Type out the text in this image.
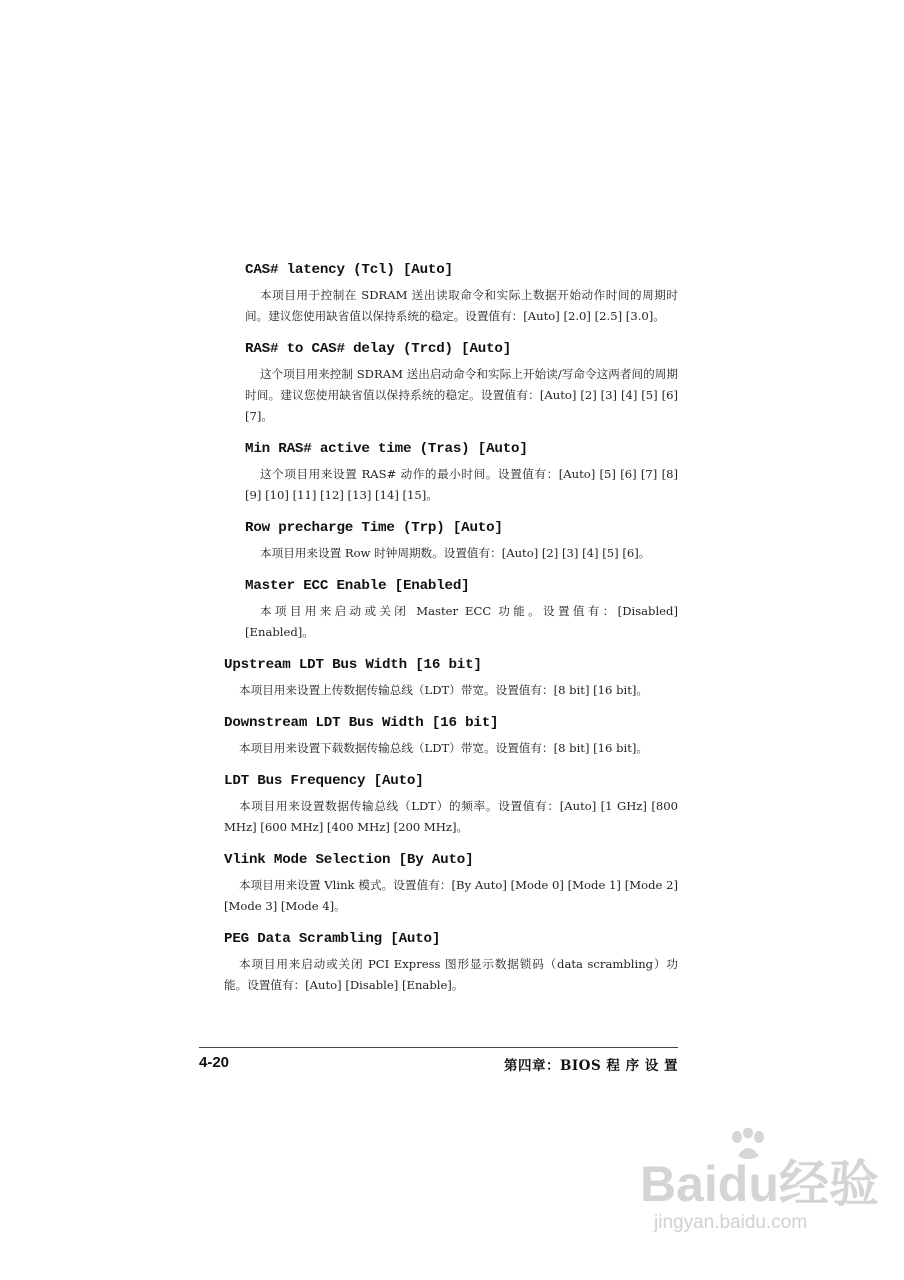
CAS# latency (Tcl) [Auto]

本项目用于控制在 SDRAM 送出读取命令和实际上数据开始动作时间的周期时间。建议您使用缺省值以保持系统的稳定。设置值有：[Auto] [2.0] [2.5] [3.0]。

RAS# to CAS# delay (Trcd) [Auto]

这个项目用来控制 SDRAM 送出启动命令和实际上开始读/写命令这两者间的周期时间。建议您使用缺省值以保持系统的稳定。设置值有：[Auto] [2] [3] [4] [5] [6] [7]。

Min RAS# active time (Tras) [Auto]

这个项目用来设置 RAS# 动作的最小时间。设置值有：[Auto] [5] [6] [7] [8] [9] [10] [11] [12] [13] [14] [15]。

Row precharge Time (Trp) [Auto]

本项目用来设置 Row 时钟周期数。设置值有：[Auto] [2] [3] [4] [5] [6]。

Master ECC Enable [Enabled]

本项目用来启动或关闭 Master ECC 功能。设置值有：[Disabled] [Enabled]。

Upstream LDT Bus Width [16 bit]

本项目用来设置上传数据传输总线（LDT）带宽。设置值有：[8 bit] [16 bit]。

Downstream LDT Bus Width [16 bit]

本项目用来设置下载数据传输总线（LDT）带宽。设置值有：[8 bit] [16 bit]。

LDT Bus Frequency [Auto]

本项目用来设置数据传输总线（LDT）的频率。设置值有：[Auto] [1 GHz] [800 MHz] [600 MHz] [400 MHz] [200 MHz]。

Vlink Mode Selection [By Auto]

本项目用来设置 Vlink 模式。设置值有：[By Auto] [Mode 0] [Mode 1] [Mode 2] [Mode 3] [Mode 4]。

PEG Data Scrambling [Auto]

本项目用来启动或关闭 PCI Express 图形显示数据锁码（data scrambling）功能。设置值有：[Auto] [Disable] [Enable]。

4-20	第四章：BIOS 程 序 设 置
Baidu经验
jingyan.baidu.com
